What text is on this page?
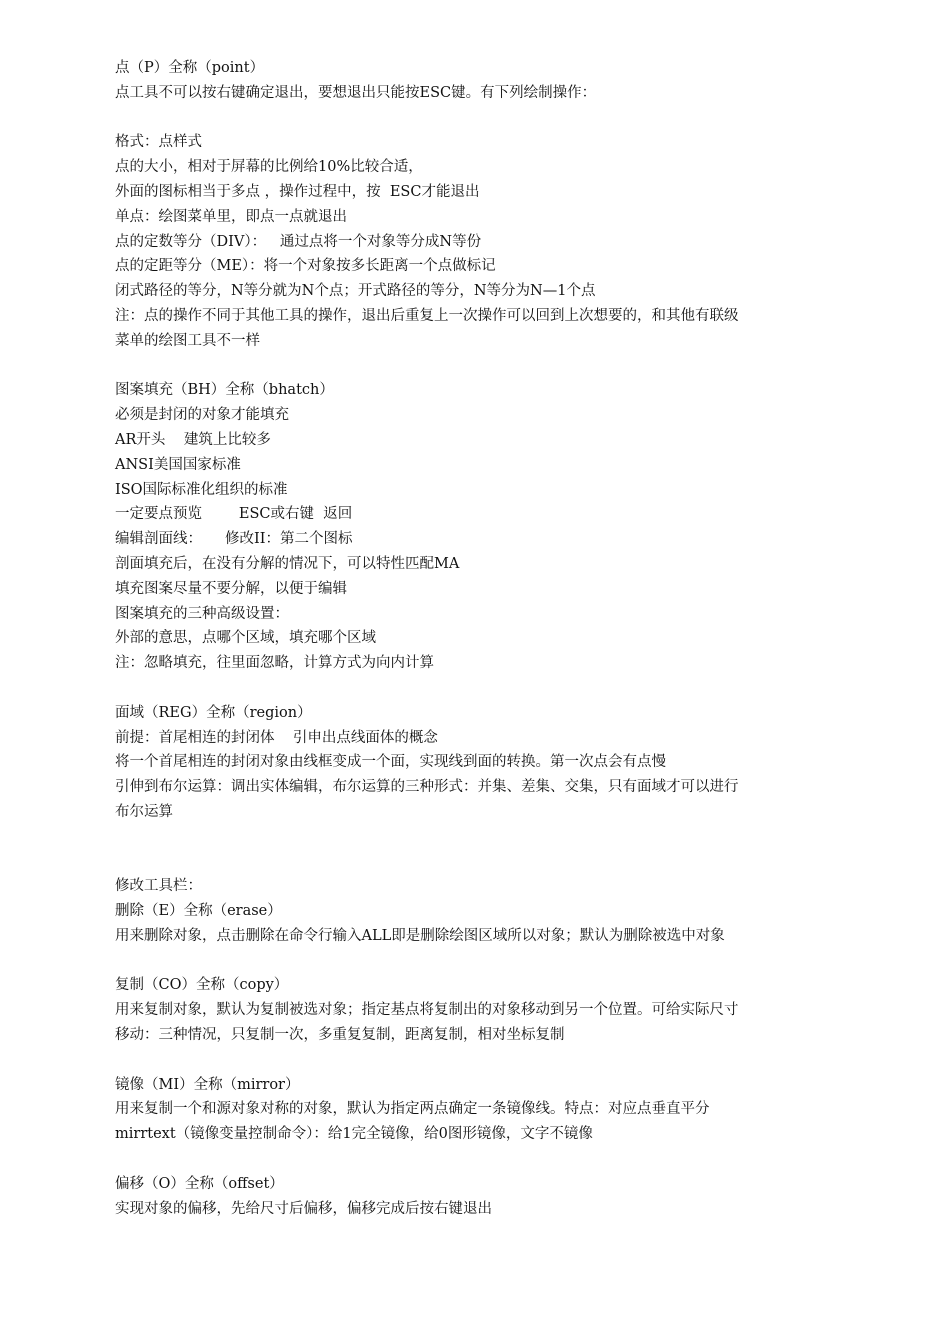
点（P）全称（point）
点工具不可以按右键确定退出，要想退出只能按ESC键。有下列绘制操作：
格式：点样式
点的大小，相对于屏幕的比例给10%比较合适，
外面的图标相当于多点 ，操作过程中，按  ESC才能退出
单点：绘图菜单里，即点一点就退出
点的定数等分（DIV）：   通过点将一个对象等分成N等份
点的定距等分（ME）：将一个对象按多长距离一个点做标记
闭式路径的等分，N等分就为N个点；开式路径的等分，N等分为N—1个点
注：点的操作不同于其他工具的操作，退出后重复上一次操作可以回到上次想要的，和其他有联级
菜单的绘图工具不一样
图案填充（BH）全称（bhatch）
必须是封闭的对象才能填充
AR开头    建筑上比较多
ANSI美国国家标准
ISO国际标准化组织的标准
一定要点预览        ESC或右键  返回
编辑剖面线：     修改II：第二个图标
剖面填充后，在没有分解的情况下，可以特性匹配MA
填充图案尽量不要分解，以便于编辑
图案填充的三种高级设置：
外部的意思，点哪个区域，填充哪个区域
注：忽略填充，往里面忽略，计算方式为向内计算
面域（REG）全称（region）
前提：首尾相连的封闭体    引申出点线面体的概念
将一个首尾相连的封闭对象由线框变成一个面，实现线到面的转换。第一次点会有点慢
引伸到布尔运算：调出实体编辑，布尔运算的三种形式：并集、差集、交集，只有面域才可以进行
布尔运算
修改工具栏：
删除（E）全称（erase）
用来删除对象，点击删除在命令行输入ALL即是删除绘图区域所以对象；默认为删除被选中对象
复制（CO）全称（copy）
用来复制对象，默认为复制被选对象；指定基点将复制出的对象移动到另一个位置。可给实际尺寸
移动：三种情况，只复制一次，多重复复制，距离复制，相对坐标复制
镜像（MI）全称（mirror）
用来复制一个和源对象对称的对象，默认为指定两点确定一条镜像线。特点：对应点垂直平分
mirrtext（镜像变量控制命令）：给1完全镜像，给0图形镜像，文字不镜像
偏移（O）全称（offset）
实现对象的偏移，先给尺寸后偏移，偏移完成后按右键退出
